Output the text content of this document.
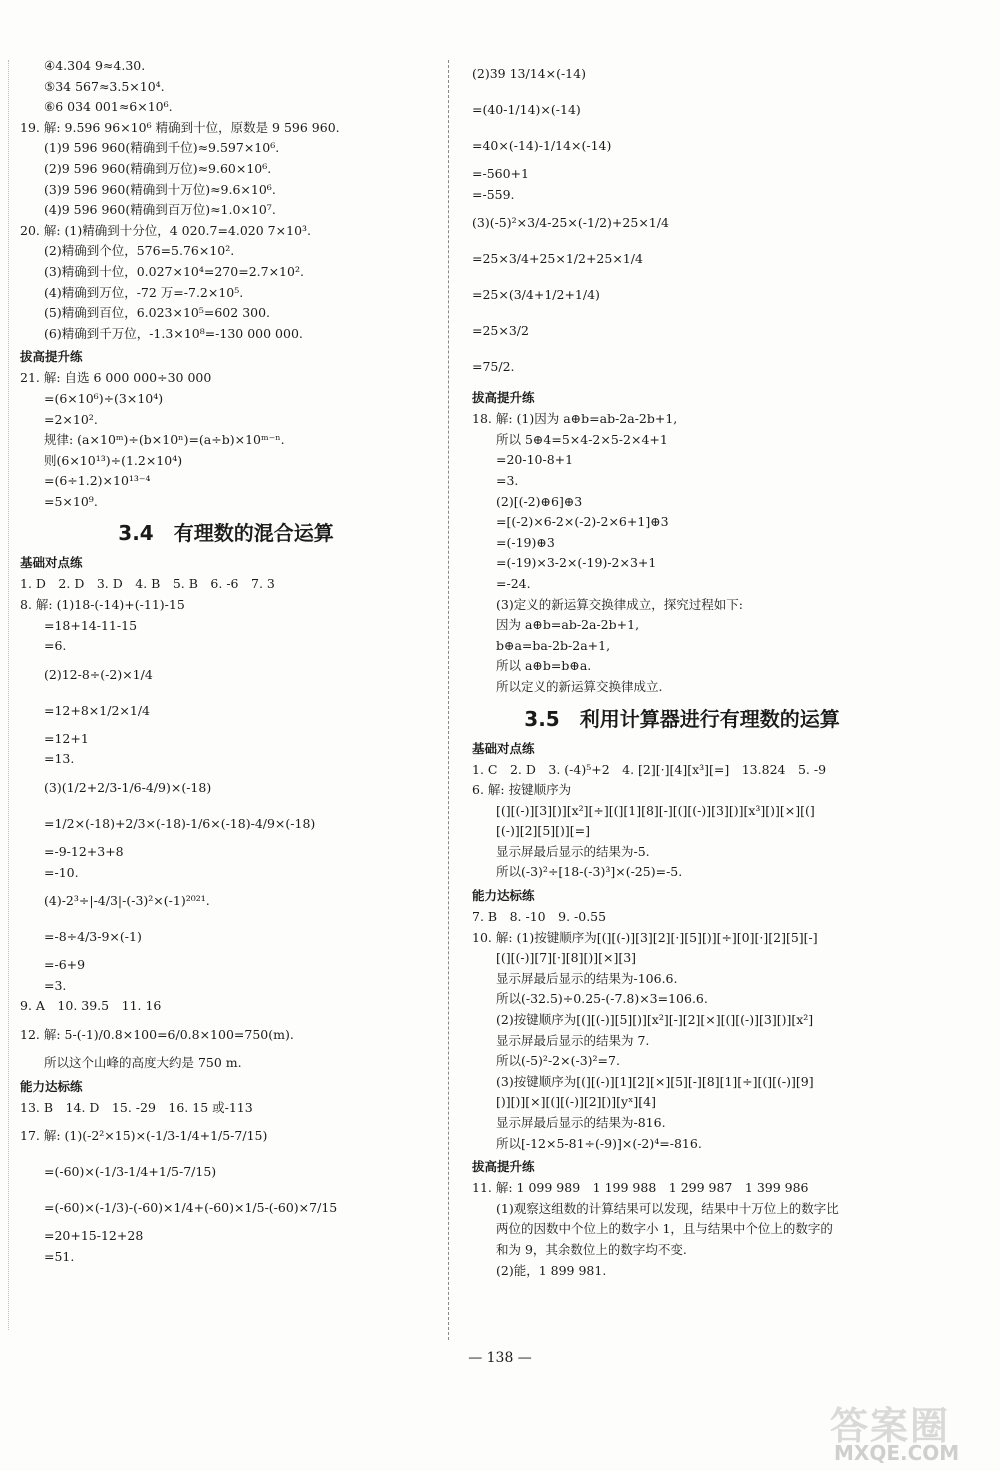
④4.304 9≈4.30.
⑤34 567≈3.5×10⁴.
⑥6 034 001≈6×10⁶.
19. 解: 9.596 96×10⁶ 精确到十位，原数是 9 596 960.
(1)9 596 960(精确到千位)≈9.597×10⁶.
(2)9 596 960(精确到万位)≈9.60×10⁶.
(3)9 596 960(精确到十万位)≈9.6×10⁶.
(4)9 596 960(精确到百万位)≈1.0×10⁷.
20. 解: (1)精确到十分位，4 020.7=4.020 7×10³.
(2)精确到个位，576=5.76×10².
(3)精确到十位，0.027×10⁴=270=2.7×10².
(4)精确到万位，-72 万=-7.2×10⁵.
(5)精确到百位，6.023×10⁵=602 300.
(6)精确到千万位，-1.3×10⁸=-130 000 000.
拔高提升练
21. 解: 自选 6 000 000÷30 000
=(6×10⁶)÷(3×10⁴)
=2×10².
规律: (a×10ᵐ)÷(b×10ⁿ)=(a÷b)×10ᵐ⁻ⁿ.
则(6×10¹³)÷(1.2×10⁴)
=(6÷1.2)×10¹³⁻⁴
=5×10⁹.
3.4　有理数的混合运算
基础对点练
1. D　2. D　3. D　4. B　5. B　6. -6　7. 3
8. 解: (1)18-(-14)+(-11)-15
=18+14-11-15
=6.
(2)12-8÷(-2)×1/4
=12+8×1/2×1/4
=12+1
=13.
(3)(1/2+2/3-1/6-4/9)×(-18)
=1/2×(-18)+2/3×(-18)-1/6×(-18)-4/9×(-18)
=-9-12+3+8
=-10.
(4)-2³÷|-4/3|-(-3)²×(-1)²⁰²¹.
=-8÷4/3-9×(-1)
=-6+9
=3.
9. A　10. 39.5　11. 16
12. 解: 5-(-1)/0.8×100=6/0.8×100=750(m).
所以这个山峰的高度大约是 750 m.
能力达标练
13. B　14. D　15. -29　16. 15 或-113
17. 解: (1)(-2²×15)×(-1/3-1/4+1/5-7/15)
=(-60)×(-1/3-1/4+1/5-7/15)
=(-60)×(-1/3)-(-60)×1/4+(-60)×1/5-(-60)×7/15
=20+15-12+28
=51.
(2)39 13/14×(-14)
=(40-1/14)×(-14)
=40×(-14)-1/14×(-14)
=-560+1
=-559.
(3)(-5)²×3/4-25×(-1/2)+25×1/4
=25×3/4+25×1/2+25×1/4
=25×(3/4+1/2+1/4)
=25×3/2
=75/2.
拔高提升练
18. 解: (1)因为 a⊕b=ab-2a-2b+1,
所以 5⊕4=5×4-2×5-2×4+1
=20-10-8+1
=3.
(2)[(-2)⊕6]⊕3
=[(-2)×6-2×(-2)-2×6+1]⊕3
=(-19)⊕3
=(-19)×3-2×(-19)-2×3+1
=-24.
(3)定义的新运算交换律成立，探究过程如下:
因为 a⊕b=ab-2a-2b+1,
b⊕a=ba-2b-2a+1,
所以 a⊕b=b⊕a.
所以定义的新运算交换律成立.
3.5　利用计算器进行有理数的运算
基础对点练
1. C　2. D　3. (-4)⁵+2　4. [2][·][4][x³][=]　13.824　5. -9
6. 解: 按键顺序为
[(][(-)][3][)][x²][÷][(][1][8][-][(][(-)][3][)][x³][)][×][(]
[(-)][2][5][)][=]
显示屏最后显示的结果为-5.
所以(-3)²÷[18-(-3)³]×(-25)=-5.
能力达标练
7. B　8. -10　9. -0.55
10. 解: (1)按键顺序为[(][(-)][3][2][·][5][)][÷][0][·][2][5][-]
[(][(-)][7][·][8][)][×][3]
显示屏最后显示的结果为-106.6.
所以(-32.5)÷0.25-(-7.8)×3=106.6.
(2)按键顺序为[(][(-)][5][)][x²][-][2][×][(][(-)][3][)][x²]
显示屏最后显示的结果为 7.
所以(-5)²-2×(-3)²=7.
(3)按键顺序为[(][(-)][1][2][×][5][-][8][1][÷][(][(-)][9]
[)][)][×][(][(-)][2][)][yˣ][4]
显示屏最后显示的结果为-816.
所以[-12×5-81÷(-9)]×(-2)⁴=-816.
拔高提升练
11. 解: 1 099 989　1 199 988　1 299 987　1 399 986
(1)观察这组数的计算结果可以发现，结果中十万位上的数字比
两位的因数中个位上的数字小 1，且与结果中个位上的数字的
和为 9，其余数位上的数字均不变.
(2)能，1 899 981.
— 138 —
答案圈
MXQE.COM
